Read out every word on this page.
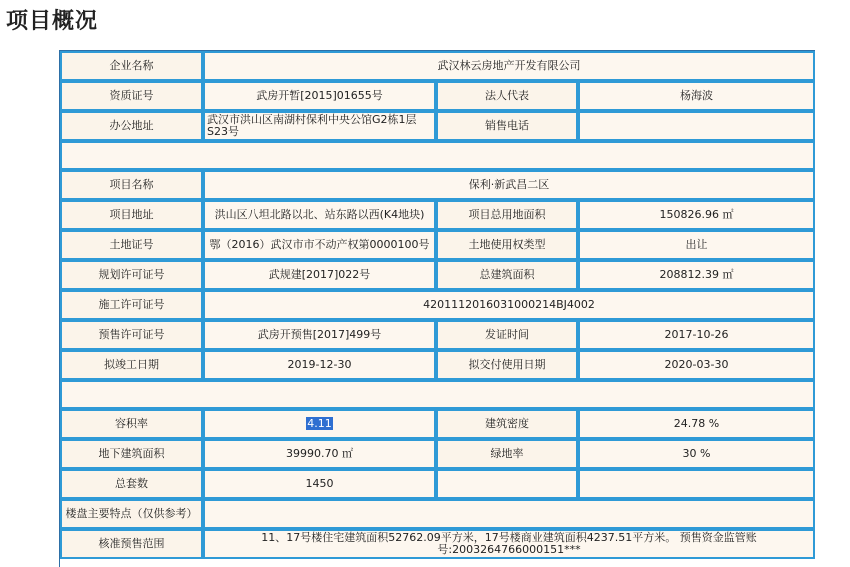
项目概况
企业名称	武汉林云房地产开发有限公司		
资质证号	武房开暂[2015]01655号	法人代表	杨海波
办公地址	武汉市洪山区南湖村保利中央公馆G2栋1层S23号	销售电话	

项目名称	保利·新武昌二区		
项目地址	洪山区八坦北路以北、站东路以西(K4地块)	项目总用地面积	150826.96 ㎡
土地证号	鄂（2016）武汉市市不动产权第0000100号	土地使用权类型	出让
规划许可证号	武规建[2017]022号	总建筑面积	208812.39 ㎡
施工许可证号	4201112016031000214BJ4002		
预售许可证号	武房开预售[2017]499号	发证时间	2017-10-26
拟竣工日期	2019-12-30	拟交付使用日期	2020-03-30

容积率	4.11	建筑密度	24.78 %
地下建筑面积	39990.70 ㎡	绿地率	30 %
总套数	1450		
楼盘主要特点（仅供参考）			
核准预售范围	11、17号楼住宅建筑面积52762.09平方米，17号楼商业建筑面积4237.51平方米。 预售资金监管账号:2003264766000151***		
